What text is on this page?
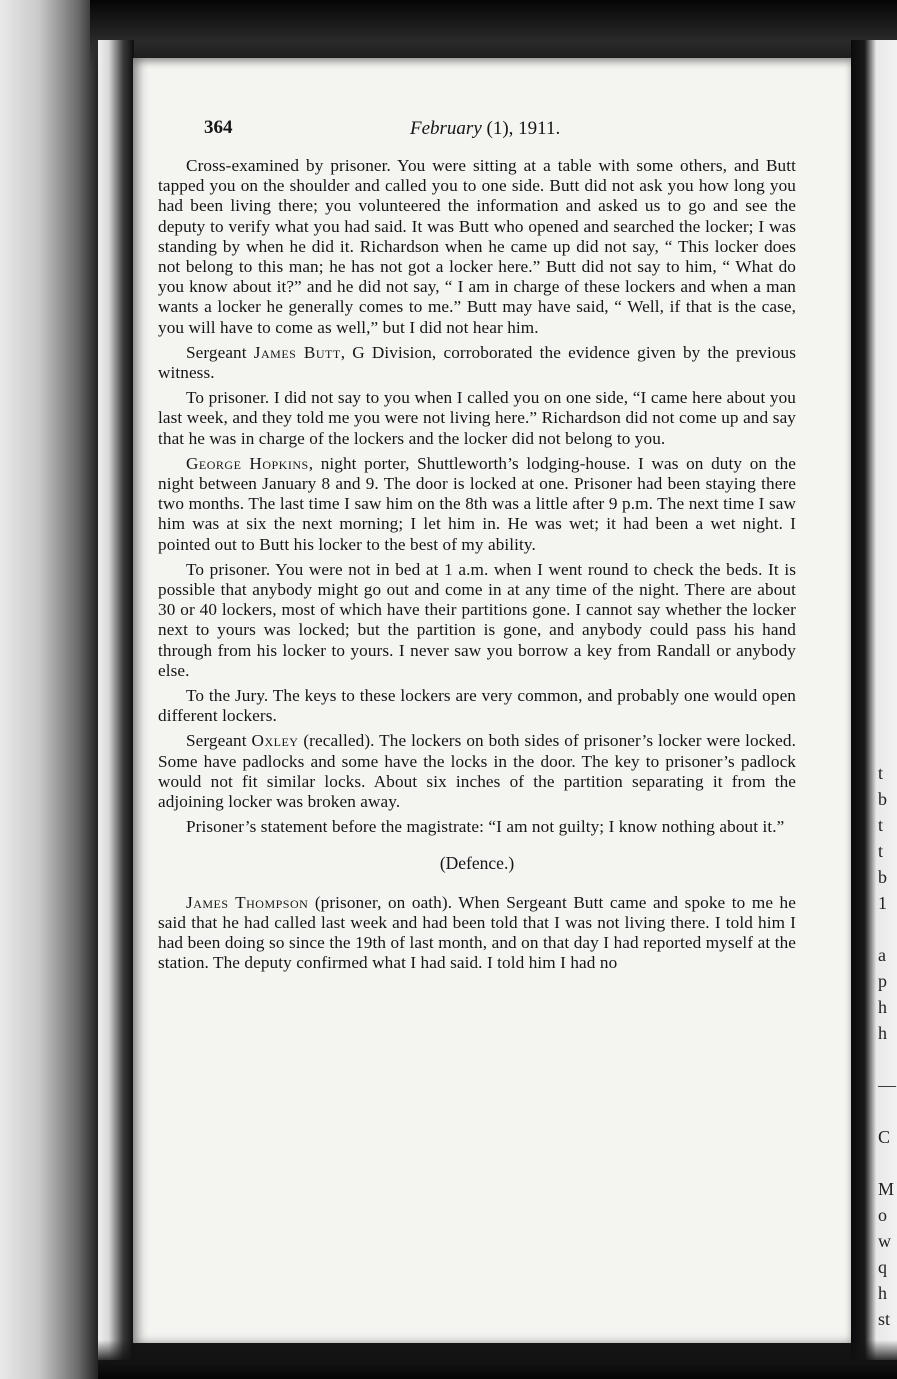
t
b
t
t
b
1

a
p
h
h

—

C

M
o
w
q
h
st
364	February (1), 1911.

Cross-examined by prisoner. You were sitting at a table with some others, and Butt tapped you on the shoulder and called you to one side. Butt did not ask you how long you had been living there; you volunteered the information and asked us to go and see the deputy to verify what you had said. It was Butt who opened and searched the locker; I was standing by when he did it. Richardson when he came up did not say, “ This locker does not belong to this man; he has not got a locker here.” Butt did not say to him, “ What do you know about it?” and he did not say, “ I am in charge of these lockers and when a man wants a locker he generally comes to me.” Butt may have said, “ Well, if that is the case, you will have to come as well,” but I did not hear him.

Sergeant James Butt, G Division, corroborated the evidence given by the previous witness.

To prisoner. I did not say to you when I called you on one side, “I came here about you last week, and they told me you were not living here.” Richardson did not come up and say that he was in charge of the lockers and the locker did not belong to you.

George Hopkins, night porter, Shuttleworth’s lodging-house. I was on duty on the night between January 8 and 9. The door is locked at one. Prisoner had been staying there two months. The last time I saw him on the 8th was a little after 9 p.m. The next time I saw him was at six the next morning; I let him in. He was wet; it had been a wet night. I pointed out to Butt his locker to the best of my ability.

To prisoner. You were not in bed at 1 a.m. when I went round to check the beds. It is possible that anybody might go out and come in at any time of the night. There are about 30 or 40 lockers, most of which have their partitions gone. I cannot say whether the locker next to yours was locked; but the partition is gone, and anybody could pass his hand through from his locker to yours. I never saw you borrow a key from Randall or anybody else.

To the Jury. The keys to these lockers are very common, and probably one would open different lockers.

Sergeant Oxley (recalled). The lockers on both sides of prisoner’s locker were locked. Some have padlocks and some have the locks in the door. The key to prisoner’s padlock would not fit similar locks. About six inches of the partition separating it from the adjoining locker was broken away.

Prisoner’s statement before the magistrate: “I am not guilty; I know nothing about it.”

(Defence.)

James Thompson (prisoner, on oath). When Sergeant Butt came and spoke to me he said that he had called last week and had been told that I was not living there. I told him I had been doing so since the 19th of last month, and on that day I had reported myself at the station. The deputy confirmed what I had said. I told him I had no
